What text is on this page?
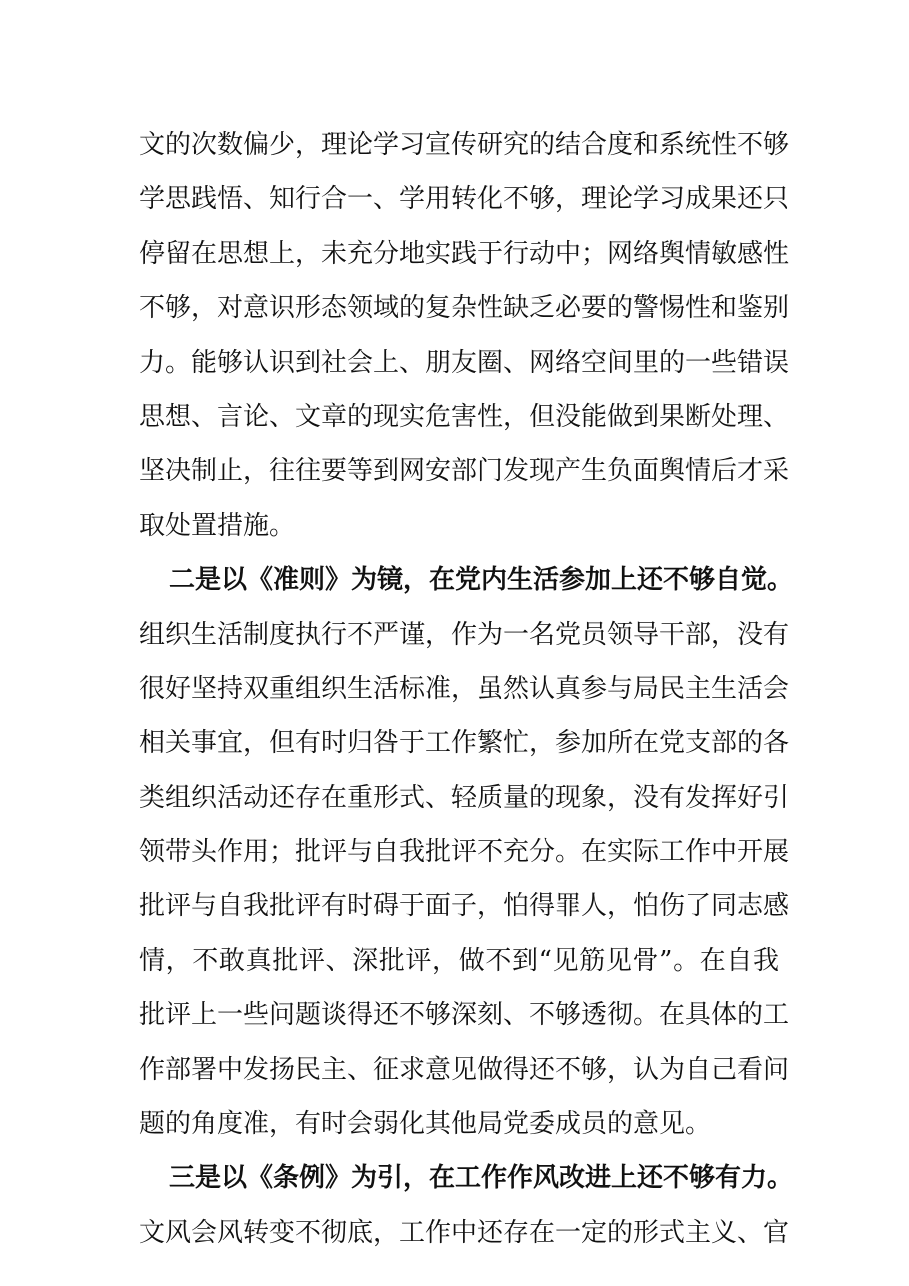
文的次数偏少，理论学习宣传研究的结合度和系统性不够
学思践悟、知行合一、学用转化不够，理论学习成果还只
停留在思想上，未充分地实践于行动中；网络舆情敏感性
不够，对意识形态领域的复杂性缺乏必要的警惕性和鉴别
力。能够认识到社会上、朋友圈、网络空间里的一些错误
思想、言论、文章的现实危害性，但没能做到果断处理、
坚决制止，往往要等到网安部门发现产生负面舆情后才采
取处置措施。
二是以《准则》为镜，在党内生活参加上还不够自觉。
组织生活制度执行不严谨，作为一名党员领导干部，没有
很好坚持双重组织生活标准，虽然认真参与局民主生活会
相关事宜，但有时归咎于工作繁忙，参加所在党支部的各
类组织活动还存在重形式、轻质量的现象，没有发挥好引
领带头作用；批评与自我批评不充分。在实际工作中开展
批评与自我批评有时碍于面子，怕得罪人，怕伤了同志感
情，不敢真批评、深批评，做不到“见筋见骨”。在自我
批评上一些问题谈得还不够深刻、不够透彻。在具体的工
作部署中发扬民主、征求意见做得还不够，认为自己看问
题的角度准，有时会弱化其他局党委成员的意见。
三是以《条例》为引，在工作作风改进上还不够有力。
文风会风转变不彻底，工作中还存在一定的形式主义、官
